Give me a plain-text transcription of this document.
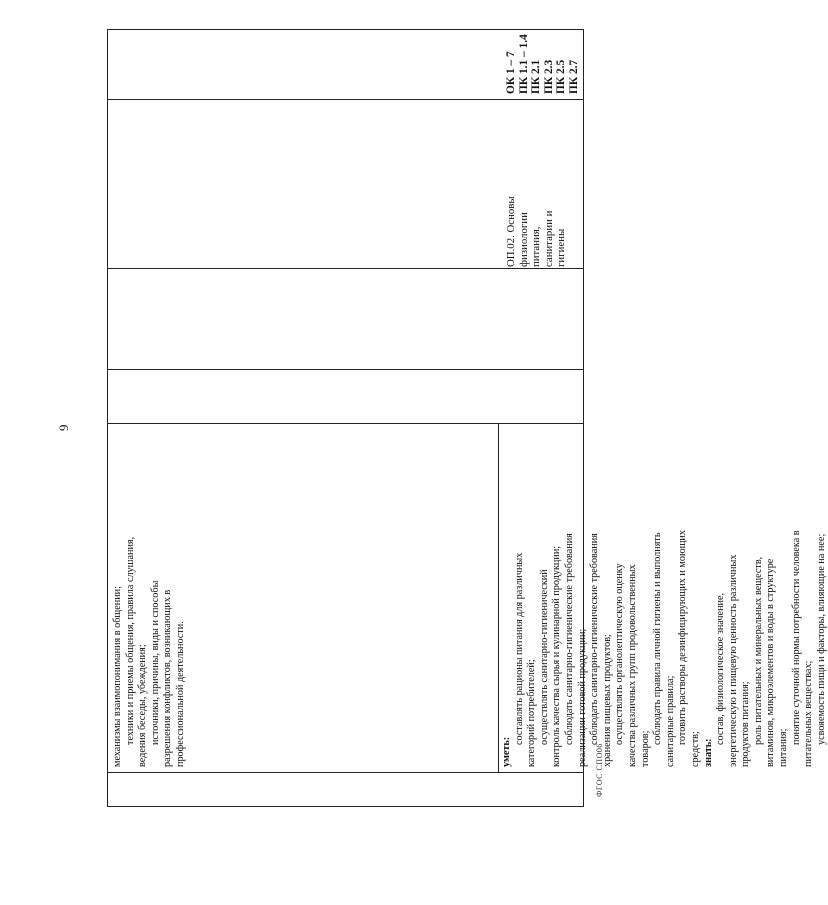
9
механизмы взаимопонимания в общении; техники и приемы общения, правила слушания, ведения беседы, убеждения; источники, причины, виды и способы разрешения конфликтов, возникающих в профессиональной деятельности.	уметь:
составлять рационы питания для различных категорий потребителей; осуществлять санитарно-гигиенический контроль качества сырья и кулинарной продукции; соблюдать санитарно-гигиенические требования реализации готовой продукции; соблюдать санитарно-гигиенические требования хранения пищевых продуктов; осуществлять органолептическую оценку качества различных групп продовольственных товаров;
соблюдать правила личной гигиены и выполнять санитарные правила; готовить растворы дезинфицирующих и моющих
средств; знать:
состав, физиологическое значение, энергетическую и пищевую ценность различных продуктов питания; роль питательных и минеральных веществ, витаминов, микроэлементов и воды в структуре питания;
понятие суточной нормы потребности человека в питательных веществах; усвояемость пищи и факторы, влияющие на нее;
ОП.02. Основы физиологии питания, санитарии и гигиены
ОК 1 – 7 ПК 1.1 – 1.4 ПК 2.1 ПК 2.3 ПК 2.5 ПК 2.7
ФГОС СПО06
